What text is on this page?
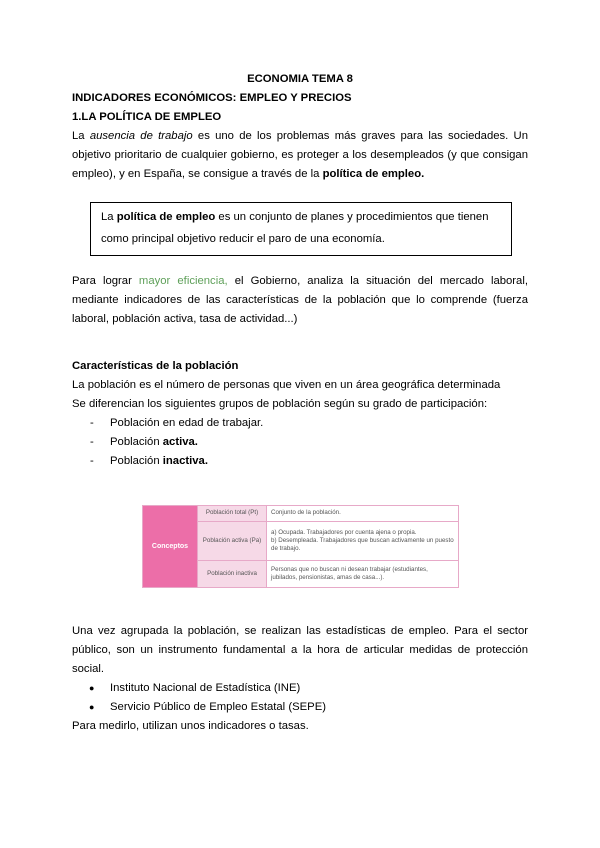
ECONOMIA TEMA 8

INDICADORES ECONÓMICOS: EMPLEO Y PRECIOS

1.LA POLÍTICA DE EMPLEO

La ausencia de trabajo es uno de los problemas más graves para las sociedades. Un objetivo prioritario de cualquier gobierno, es proteger a los desempleados (y que consigan empleo), y en España, se consigue a través de la política de empleo.

La política de empleo es un conjunto de planes y procedimientos que tienen como principal objetivo reducir el paro de una economía.

Para lograr mayor eficiencia, el Gobierno, analiza la situación del mercado laboral, mediante indicadores de las características de la población que lo comprende (fuerza laboral, población activa, tasa de actividad...)

Características de la población

La población es el número de personas que viven en un área geográfica determinada

Se diferencian los siguientes grupos de población según su grado de participación:

- Población en edad de trabajar.
- Población activa.
- Población inactiva.
Conceptos	Población total (Pt)	Conjunto de la población.

	Población activa (Pa)	a) Ocupada. Trabajadores por cuenta ajena o propia.
b) Desempleada. Trabajadores que buscan activamente un puesto de trabajo.

	Población inactiva	Personas que no buscan ni desean trabajar (estudiantes, jubilados, pensionistas, amas de casa...).

Una vez agrupada la población, se realizan las estadísticas de empleo. Para el sector público, son un instrumento fundamental a la hora de articular medidas de protección social.

● Instituto Nacional de Estadística (INE)
● Servicio Público de Empleo Estatal (SEPE)

Para medirlo, utilizan unos indicadores o tasas.
